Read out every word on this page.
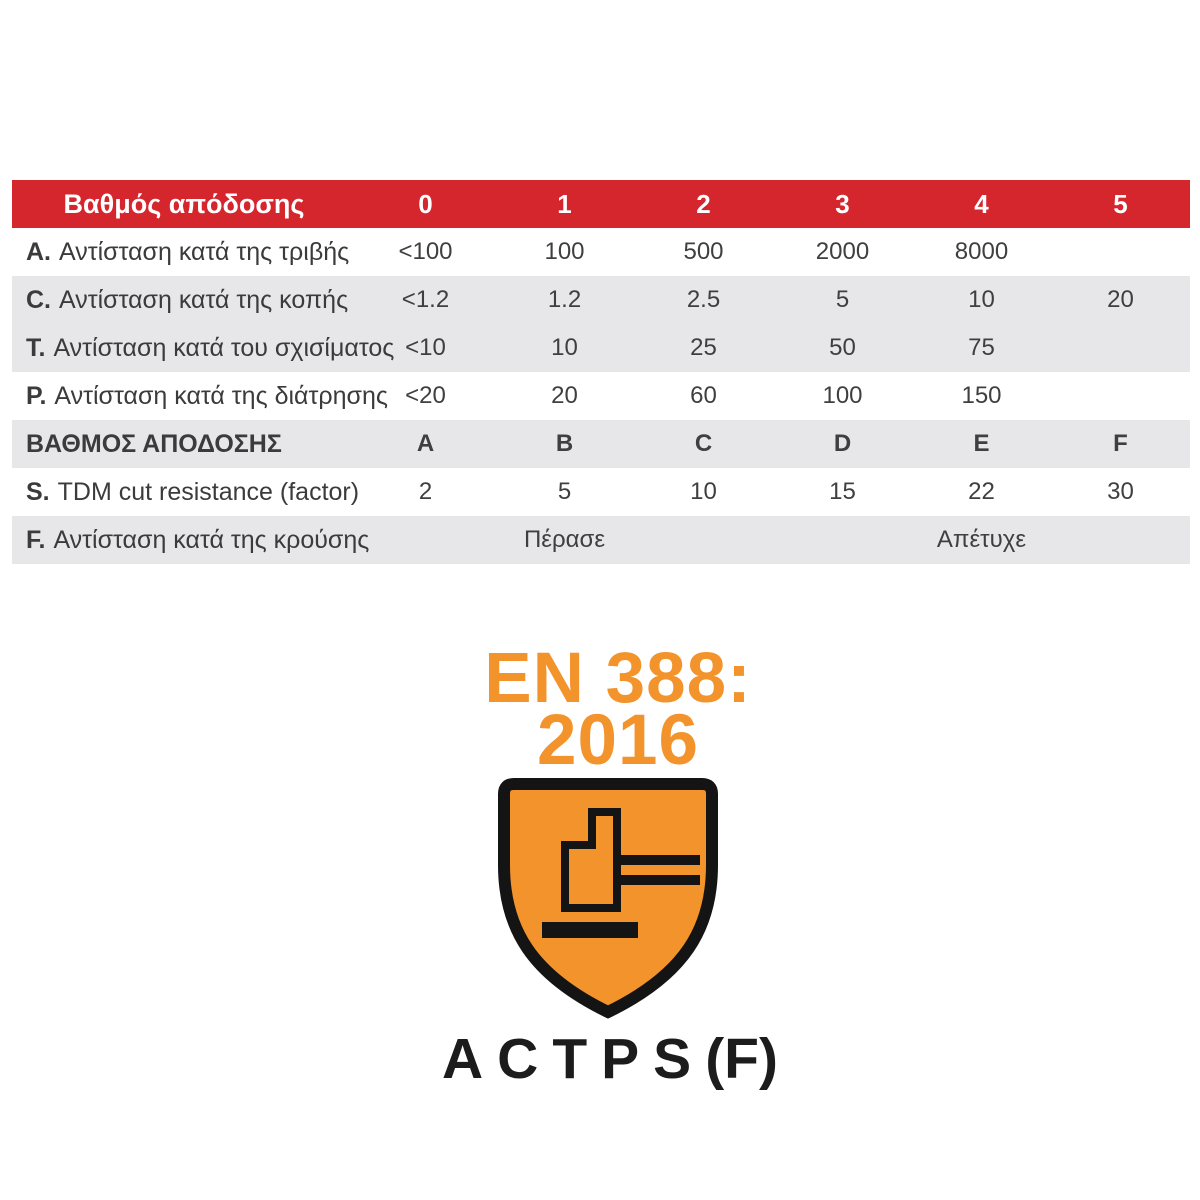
Βαθμός απόδοσης	0	1	2	3	4	5
A. Αντίσταση κατά της τριβής	<100	100	500	2000	8000
C. Αντίσταση κατά της κοπής	<1.2	1.2	2.5	5	10	20
T. Αντίσταση κατά του σχισίματος <10	10	25	50	75
P. Αντίσταση κατά της διάτρησης <20	20	60	100	150
ΒΑΘΜΟΣ ΑΠΟΔΟΣΗΣ	A	B	C	D	E	F
S. TDM cut resistance (factor)	2	5	10	15	22	30
F. Αντίσταση κατά της κρούσης	Πέρασε	Απέτυχε
EN 388:
2016
ACTPS(F)
